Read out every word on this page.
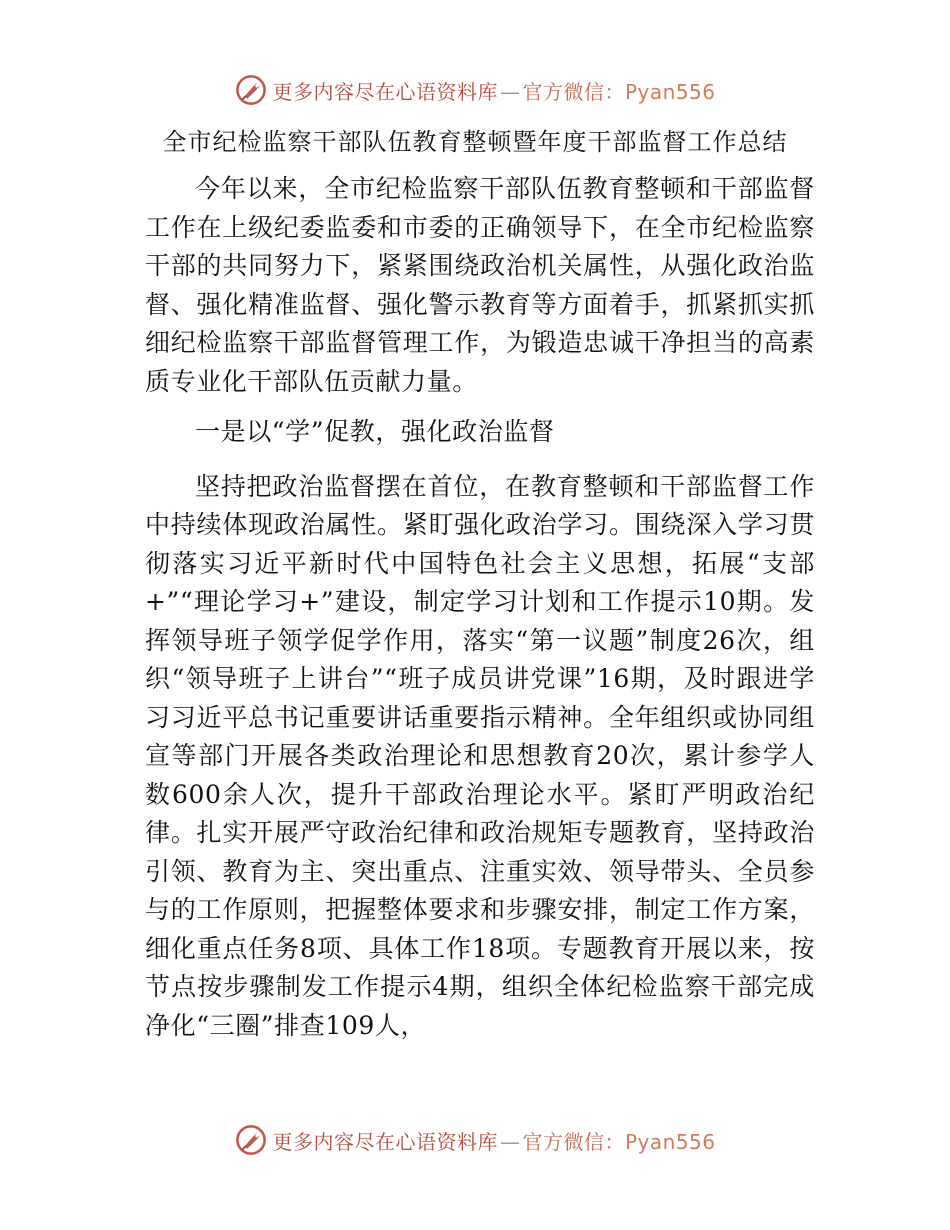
更多内容尽在心语资料库 — 官方微信：Pyan556
全市纪检监察干部队伍教育整顿暨年度干部监督工作总结

今年以来，全市纪检监察干部队伍教育整顿和干部监督工作在上级纪委监委和市委的正确领导下，在全市纪检监察干部的共同努力下，紧紧围绕政治机关属性，从强化政治监督、强化精准监督、强化警示教育等方面着手，抓紧抓实抓细纪检监察干部监督管理工作，为锻造忠诚干净担当的高素质专业化干部队伍贡献力量。

一是以“学”促教，强化政治监督

坚持把政治监督摆在首位，在教育整顿和干部监督工作中持续体现政治属性。紧盯强化政治学习。围绕深入学习贯彻落实习近平新时代中国特色社会主义思想，拓展“支部+”“理论学习+”建设，制定学习计划和工作提示10期。发挥领导班子领学促学作用，落实“第一议题”制度26次，组织“领导班子上讲台”“班子成员讲党课”16期，及时跟进学习习近平总书记重要讲话重要指示精神。全年组织或协同组宣等部门开展各类政治理论和思想教育20次，累计参学人数600余人次，提升干部政治理论水平。紧盯严明政治纪律。扎实开展严守政治纪律和政治规矩专题教育，坚持政治引领、教育为主、突出重点、注重实效、领导带头、全员参与的工作原则，把握整体要求和步骤安排，制定工作方案，细化重点任务8项、具体工作18项。专题教育开展以来，按节点按步骤制发工作提示4期，组织全体纪检监察干部完成净化“三圈”排查109人，

更多内容尽在心语资料库 — 官方微信：Pyan556
